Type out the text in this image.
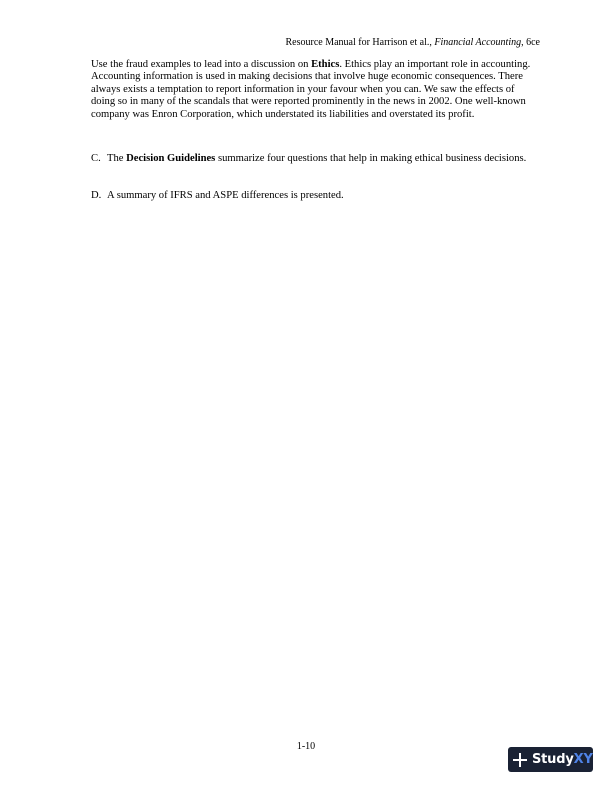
Resource Manual for Harrison et al., Financial Accounting, 6ce

Use the fraud examples to lead into a discussion on Ethics. Ethics play an important role in accounting. Accounting information is used in making decisions that involve huge economic consequences. There always exists a temptation to report information in your favour when you can. We saw the effects of doing so in many of the scandals that were reported prominently in the news in 2002. One well-known company was Enron Corporation, which understated its liabilities and overstated its profit.

C. The Decision Guidelines summarize four questions that help in making ethical business decisions.
D. A summary of IFRS and ASPE differences is presented.
1-10
StudyXY
